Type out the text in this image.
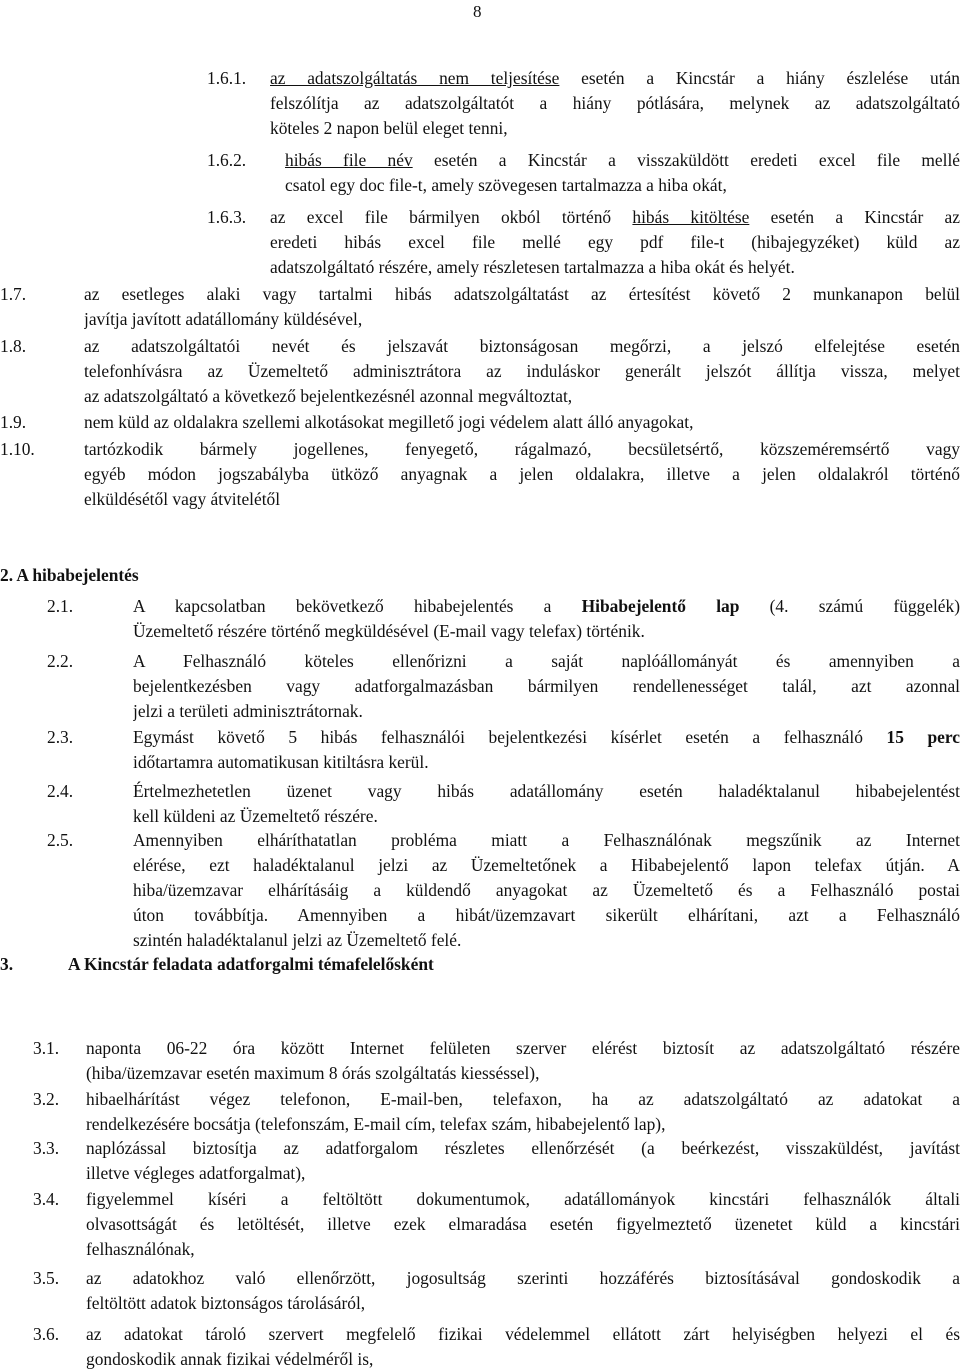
8
1.6.1. az adatszolgáltatás nem teljesítése esetén a Kincstár a hiány észlelése után
felszólítja az adatszolgáltatót a hiány pótlására, melynek az adatszolgáltató
köteles 2 napon belül eleget tenni,
1.6.2. hibás file név esetén a Kincstár a visszaküldött eredeti excel file mellé
csatol egy doc file-t, amely szövegesen tartalmazza a hiba okát,
1.6.3. az excel file bármilyen okból történő hibás kitöltése esetén a Kincstár az
eredeti hibás excel file mellé egy pdf file-t (hibajegyzéket) küld az
adatszolgáltató részére, amely részletesen tartalmazza a hiba okát és helyét.
1.7.	az esetleges alaki vagy tartalmi hibás adatszolgáltatást az értesítést követő 2 munkanapon belül
javítja javított adatállomány küldésével,
1.8.	az adatszolgáltatói nevét és jelszavát biztonságosan megőrzi, a jelszó elfelejtése esetén
telefonhívásra az Üzemeltető adminisztrátora az induláskor generált jelszót állítja vissza, melyet
az adatszolgáltató a következő bejelentkezésnél azonnal megváltoztat,
1.9.	nem küld az oldalakra szellemi alkotásokat megillető jogi védelem alatt álló anyagokat,
1.10.	tartózkodik bármely jogellenes, fenyegető, rágalmazó, becsületsértő, közszeméremsértő vagy
egyéb módon jogszabályba ütköző anyagnak a jelen oldalakra, illetve a jelen oldalakról történő
elküldésétől vagy átvitelétől
2. A hibabejelentés
2.1.	A kapcsolatban bekövetkező hibabejelentés a Hibabejelentő lap (4. számú függelék)
Üzemeltető részére történő megküldésével (E-mail vagy telefax) történik.
2.2.	A Felhasználó köteles ellenőrizni a saját naplóállományát és amennyiben a
bejelentkezésben vagy adatforgalmazásban bármilyen rendellenességet talál, azt azonnal
jelzi a területi adminisztrátornak.
2.3.	Egymást követő 5 hibás felhasználói bejelentkezési kísérlet esetén a felhasználó 15 perc
időtartamra automatikusan kitiltásra kerül.
2.4.	Értelmezhetetlen üzenet vagy hibás adatállomány esetén haladéktalanul hibabejelentést
kell küldeni az Üzemeltető részére.
2.5.	Amennyiben elháríthatatlan probléma miatt a Felhasználónak megszűnik az Internet
elérése, ezt haladéktalanul jelzi az Üzemeltetőnek a Hibabejelentő lapon telefax útján. A
hiba/üzemzavar elhárításáig a küldendő anyagokat az Üzemeltető és a Felhasználó postai
úton továbbítja. Amennyiben a hibát/üzemzavart sikerült elhárítani, azt a Felhasználó
szintén haladéktalanul jelzi az Üzemeltető felé.
3.	A Kincstár feladata adatforgalmi témafelelősként
3.1. naponta 06-22 óra között Internet felületen szerver elérést biztosít az adatszolgáltató részére
(hiba/üzemzavar esetén maximum 8 órás szolgáltatás kiesséssel),
3.2. hibaelhárítást végez telefonon, E-mail-ben, telefaxon, ha az adatszolgáltató az adatokat a
rendelkezésére bocsátja (telefonszám, E-mail cím, telefax szám, hibabejelentő lap),
3.3. naplózással biztosítja az adatforgalom részletes ellenőrzését (a beérkezést, visszaküldést, javítást
illetve végleges adatforgalmat),
3.4. figyelemmel kíséri a feltöltött dokumentumok, adatállományok kincstári felhasználók általi
olvasottságát és letöltését, illetve ezek elmaradása esetén figyelmeztető üzenetet küld a kincstári
felhasználónak,
3.5. az adatokhoz való ellenőrzött, jogosultság szerinti hozzáférés biztosításával gondoskodik a
feltöltött adatok biztonságos tárolásáról,
3.6. az adatokat tároló szervert megfelelő fizikai védelemmel ellátott zárt helyiségben helyezi el és
gondoskodik annak fizikai védelméről is,
